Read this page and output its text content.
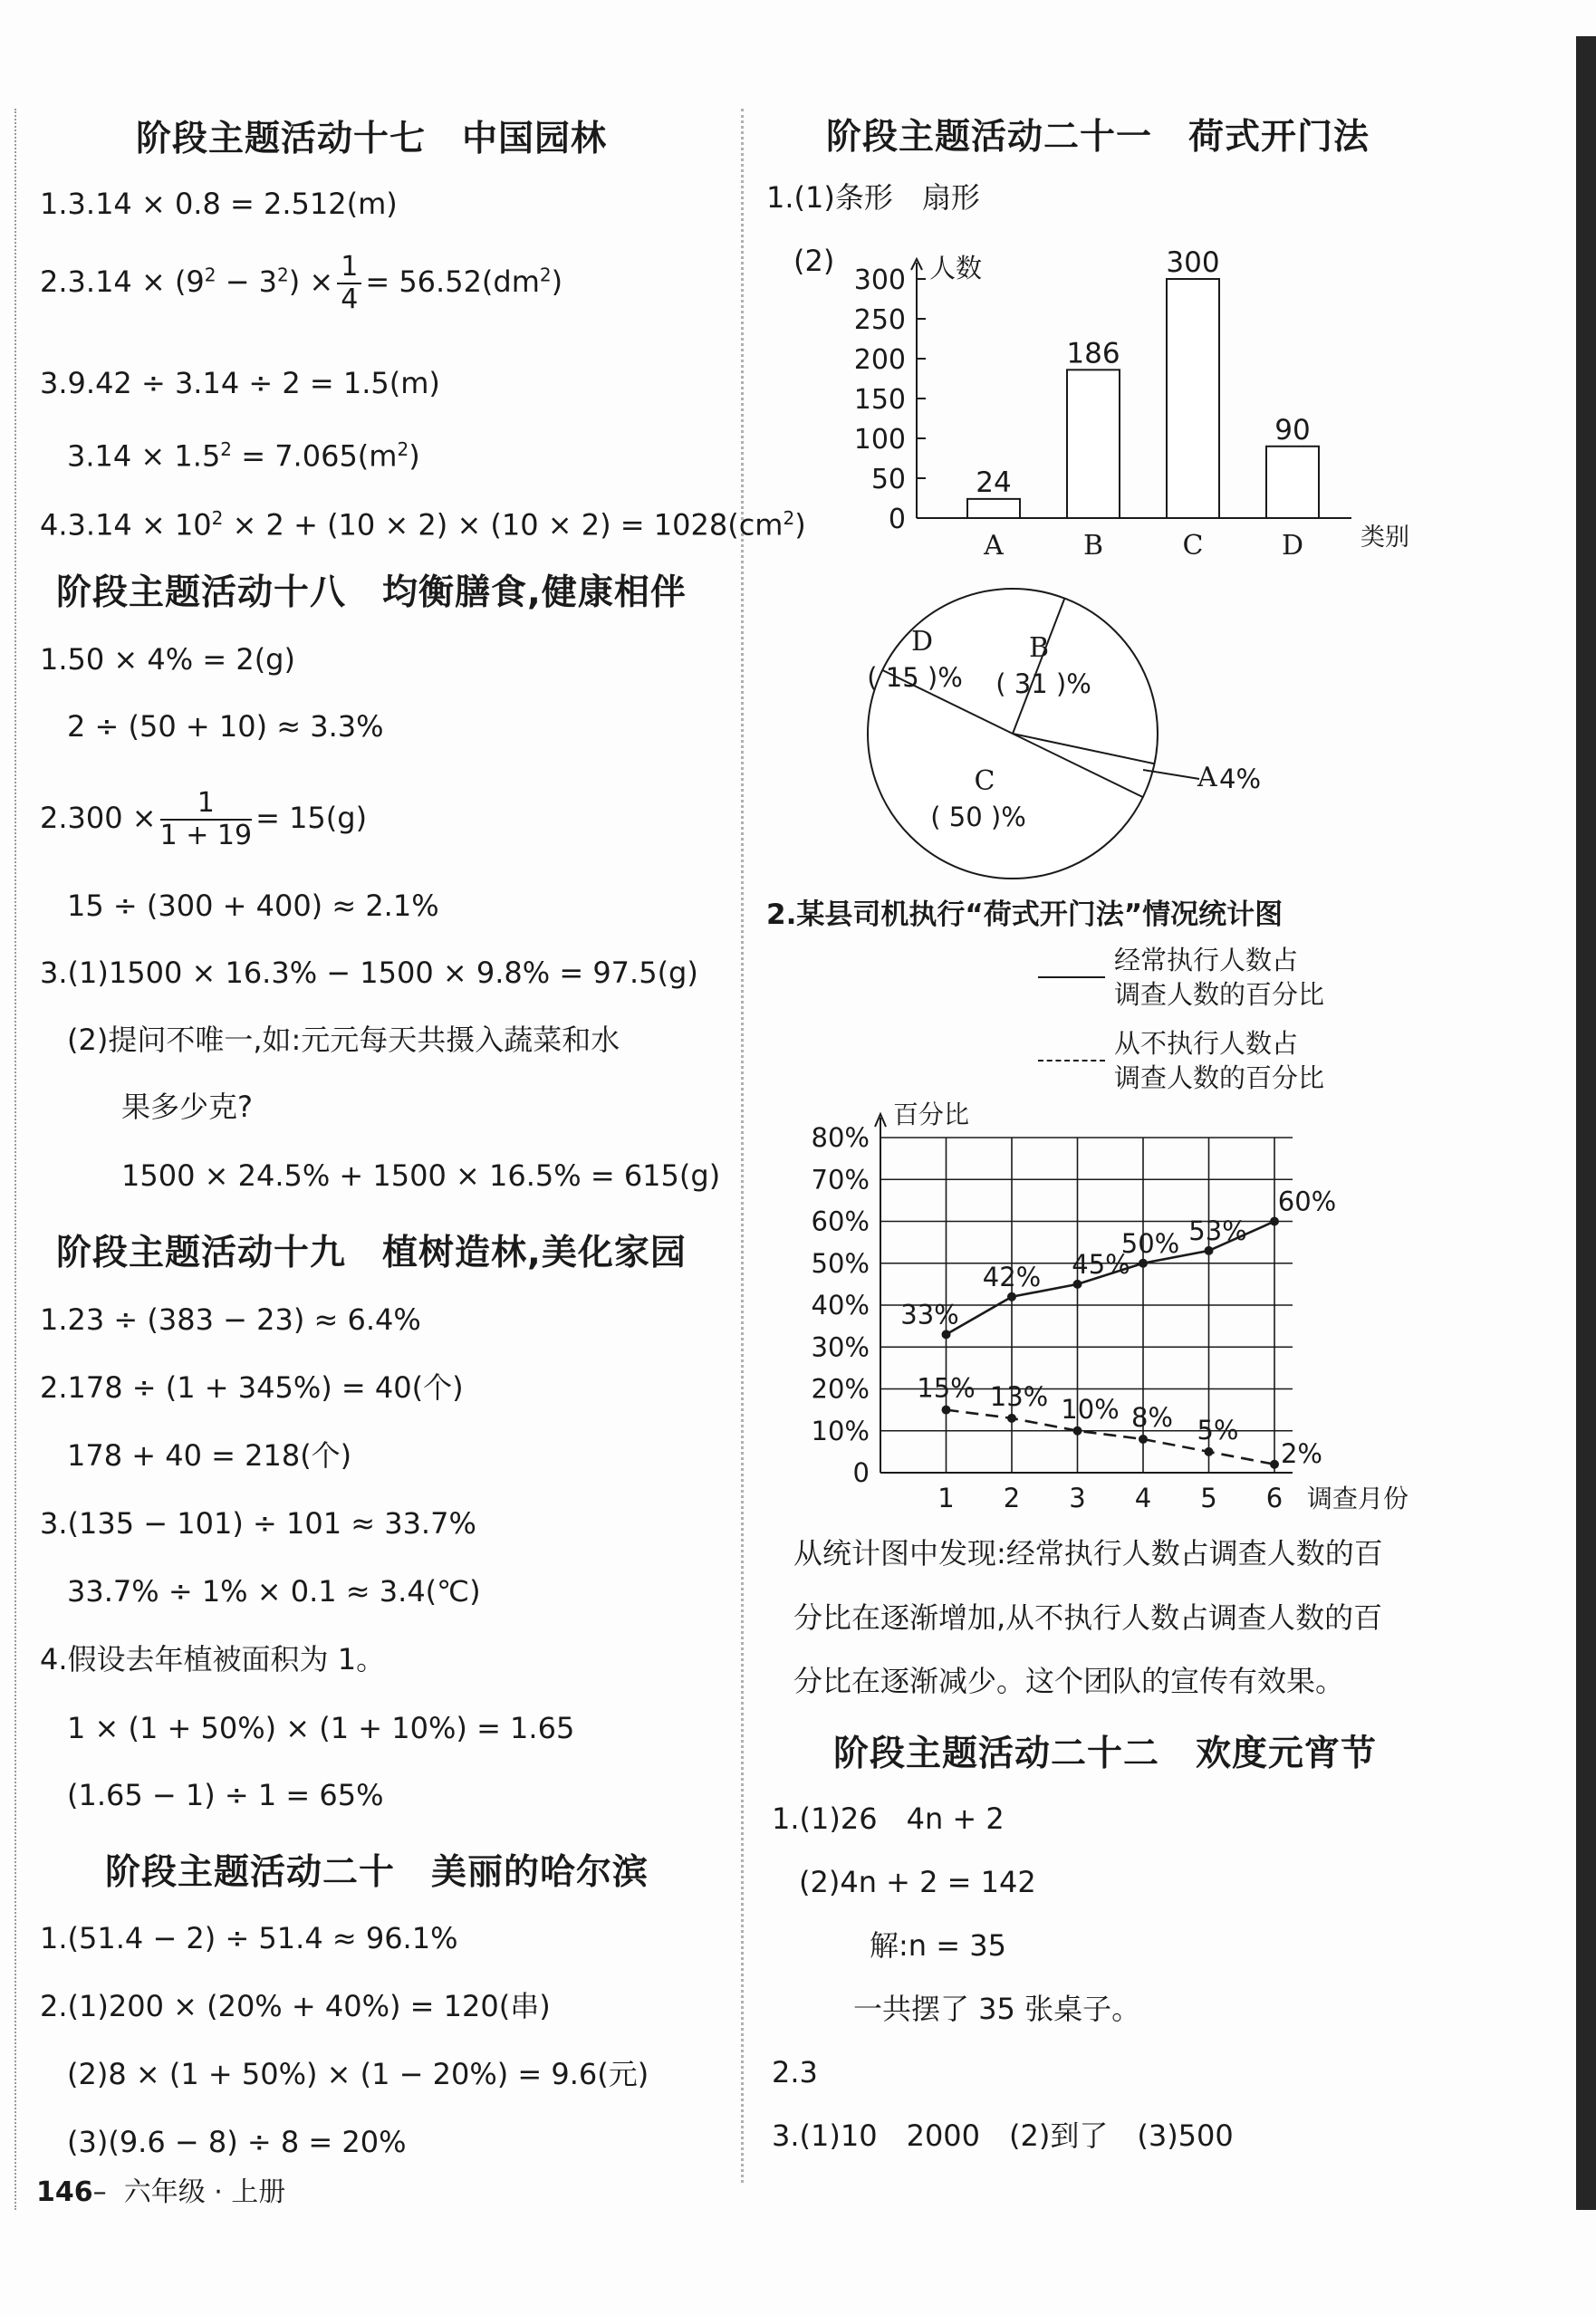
阶段主题活动十七　中国园林
1.3.14 × 0.8 = 2.512(m)
$2.3.14 \times (9^2 - 3^2) \times \frac{1}{4} = 56.52(dm^2)$
3.9.42 ÷ 3.14 ÷ 2 = 1.5(m)
$3.14 \times 1.5^2 = 7.065(m^2)$
$4.3.14 \times 10^2 \times 2 + (10 \times 2) \times (10 \times 2) = 1028(cm^2)$
阶段主题活动十八　均衡膳食,健康相伴
1.50 × 4% = 2(g)
2 ÷ (50 + 10) ≈ 3.3%
$2.300 \times \frac{1}{1 + 19} = 15(g)$
15 ÷ (300 + 400) ≈ 2.1%
3.(1)1500 × 16.3% − 1500 × 9.8% = 97.5(g)
(2)提问不唯一,如:元元每天共摄入蔬菜和水
果多少克?
1500 × 24.5% + 1500 × 16.5% = 615(g)
阶段主题活动十九　植树造林,美化家园
1.23 ÷ (383 − 23) ≈ 6.4%
2.178 ÷ (1 + 345%) = 40(个)
178 + 40 = 218(个)
3.(135 − 101) ÷ 101 ≈ 33.7%
33.7% ÷ 1% × 0.1 ≈ 3.4(℃)
4.假设去年植被面积为 1。
1 × (1 + 50%) × (1 + 10%) = 1.65
(1.65 − 1) ÷ 1 = 65%
阶段主题活动二十　美丽的哈尔滨
1.(51.4 − 2) ÷ 51.4 ≈ 96.1%
2.(1)200 × (20% + 40%) = 120(串)
(2)8 × (1 + 50%) × (1 − 20%) = 9.6(元)
(3)(9.6 − 8) ÷ 8 = 20%
146– 六年级 · 上册
阶段主题活动二十一　荷式开门法
1.(1)条形　扇形
(2)
0
50
100
150
200
250
300 人数
类别
24
A
186
B
300
C
90
D
B
( 31 )%
D
( 15 )%
C
( 50 )%
A 4%
2.某县司机执行“荷式开门法”情况统计图
经常执行人数占
调查人数的百分比
从不执行人数占
调查人数的百分比
0
10%
20%
30%
40%
50%
60%
70%
80%
1 2 3 4 5 6
百分比
调查月份
33%
42% 45%
50% 53%
60%
15% 13% 10% 8% 5%
2%
从统计图中发现:经常执行人数占调查人数的百
分比在逐渐增加,从不执行人数占调查人数的百
分比在逐渐减少。这个团队的宣传有效果。
阶段主题活动二十二　欢度元宵节
1.(1)26　4n + 2
(2)4n + 2 = 142
解:n = 35
一共摆了 35 张桌子。
2.3
3.(1)10　2000　(2)到了　(3)500
